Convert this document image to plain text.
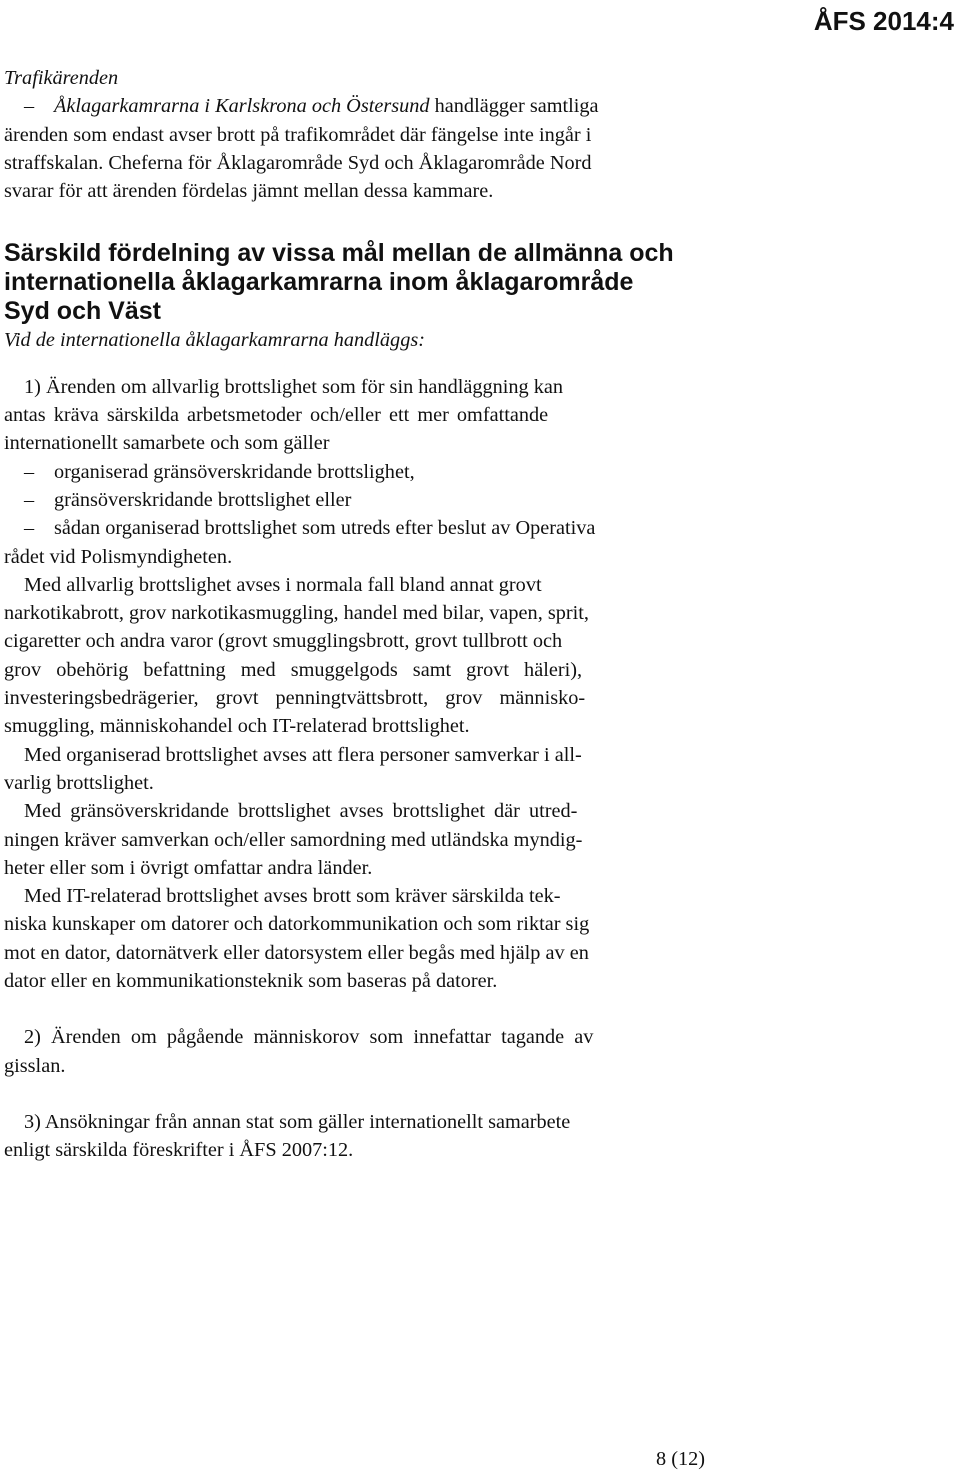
ÅFS 2014:4

Trafikärenden

– Åklagarkamrarna i Karlskrona och Östersund handlägger samtliga

ärenden som endast avser brott på trafikområdet där fängelse inte ingår i

straffskalan. Cheferna för Åklagarområde Syd och Åklagarområde Nord

svarar för att ärenden fördelas jämnt mellan dessa kammare.

Särskild fördelning av vissa mål mellan de allmänna och
internationella åklagarkamrarna inom åklagarområde
Syd och Väst

Vid de internationella åklagarkamrarna handläggs:

1) Ärenden om allvarlig brottslighet som för sin handläggning kan

antas kräva särskilda arbetsmetoder och/eller ett mer omfattande

internationellt samarbete och som gäller

– organiserad gränsöverskridande brottslighet,

– gränsöverskridande brottslighet eller

– sådan organiserad brottslighet som utreds efter beslut av Operativa

rådet vid Polismyndigheten.

Med allvarlig brottslighet avses i normala fall bland annat grovt

narkotikabrott, grov narkotikasmuggling, handel med bilar, vapen, sprit,

cigaretter och andra varor (grovt smugglingsbrott, grovt tullbrott och

grov obehörig befattning med smuggelgods samt grovt häleri),

investeringsbedrägerier, grovt penningtvättsbrott, grov människo-

smuggling, människohandel och IT-relaterad brottslighet.

Med organiserad brottslighet avses att flera personer samverkar i all-

varlig brottslighet.

Med gränsöverskridande brottslighet avses brottslighet där utred-

ningen kräver samverkan och/eller samordning med utländska myndig-

heter eller som i övrigt omfattar andra länder.

Med IT-relaterad brottslighet avses brott som kräver särskilda tek-

niska kunskaper om datorer och datorkommunikation och som riktar sig

mot en dator, datornätverk eller datorsystem eller begås med hjälp av en

dator eller en kommunikationsteknik som baseras på datorer.

2) Ärenden om pågående människorov som innefattar tagande av

gisslan.

3) Ansökningar från annan stat som gäller internationellt samarbete

enligt särskilda föreskrifter i ÅFS 2007:12.

8 (12)
